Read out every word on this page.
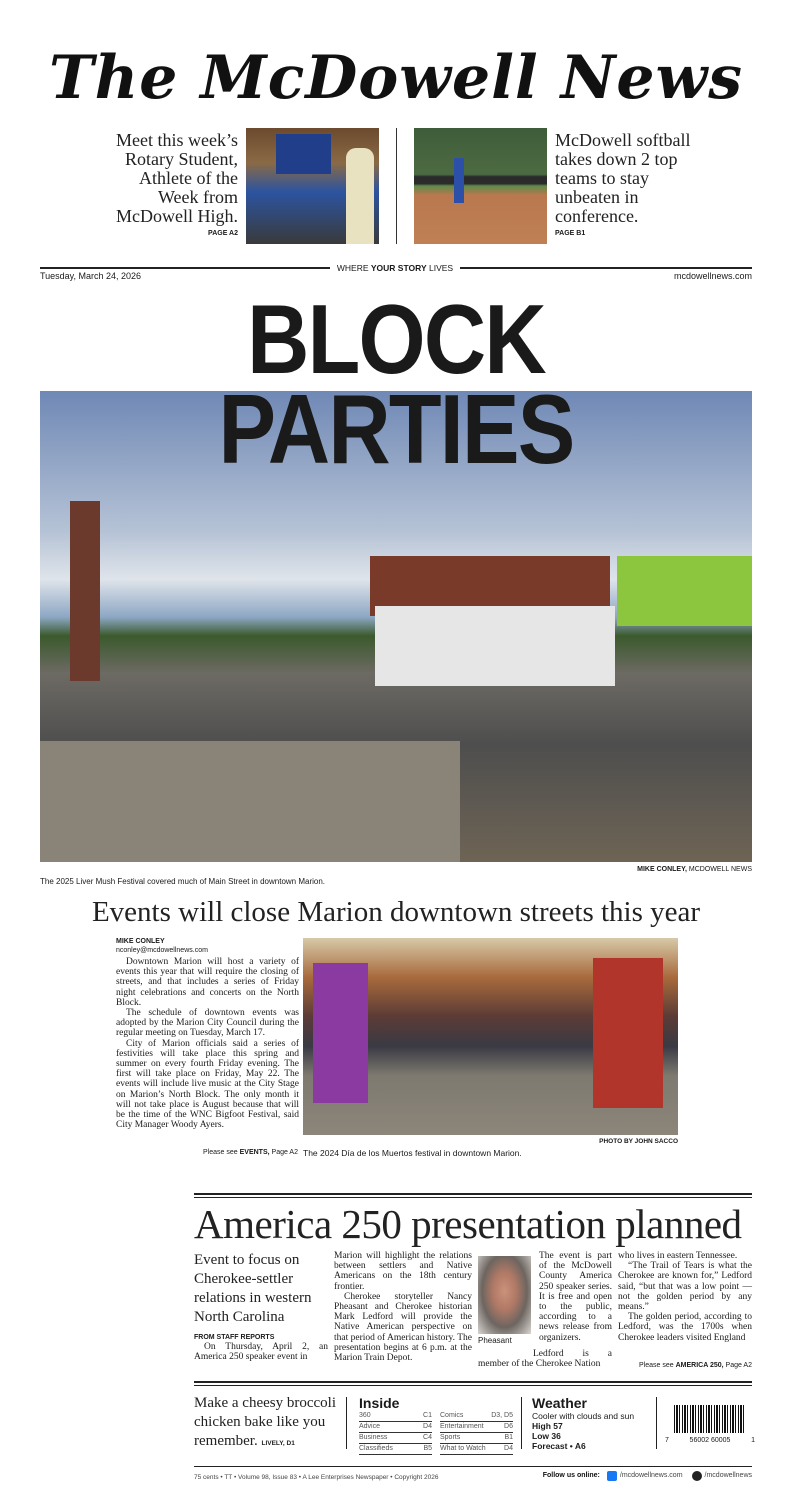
The McDowell News
Meet this week’s Rotary Student, Athlete of the Week from McDowell High.
PAGE A2
McDowell softball takes down 2 top teams to stay unbeaten in conference.
PAGE B1
WHERE YOUR STORY LIVES
Tuesday, March 24, 2026	mcdowellnews.com
BLOCK PARTIES
The 2025 Liver Mush Festival covered much of Main Street in downtown Marion.
MIKE CONLEY, MCDOWELL NEWS
Events will close Marion downtown streets this year
MIKE CONLEY
nconley@mcdowellnews.com

Downtown Marion will host a variety of events this year that will require the closing of streets, and that includes a series of Friday night celebrations and concerts on the North Block.

The schedule of downtown events was adopted by the Marion City Council during the regular meeting on Tuesday, March 17.

City of Marion officials said a series of festivities will take place this spring and summer on every fourth Friday evening. The first will take place on Friday, May 22. The events will include live music at the City Stage on Marion’s North Block. The only month it will not take place is August because that will be the time of the WNC Bigfoot Festival, said City Manager Woody Ayers.

PHOTO BY JOHN SACCO
Please see EVENTS, Page A2 The 2024 Día de los Muertos festival in downtown Marion.
America 250 presentation planned
Event to focus on Cherokee-settler relations in western North Carolina
FROM STAFF REPORTS

On Thursday, April 2, an America 250 speaker event in

Marion will highlight the relations between settlers and Native Americans on the 18th century frontier.

Cherokee storyteller Nancy Pheasant and Cherokee historian Mark Ledford will provide the Native American perspective on that period of American history. The presentation begins at 6 p.m. at the Marion Train Depot.

Pheasant
The event is part of the McDowell County America 250 speaker series. It is free and open to the public, according to a news release from organizers.
Ledford is a member of the Cherokee Nation

who lives in eastern Tennessee.

“The Trail of Tears is what the Cherokee are known for,” Ledford said, “but that was a low point — not the golden period by any means.”

The golden period, according to Ledford, was the 1700s when Cherokee leaders visited England

Please see AMERICA 250, Page A2
Make a cheesy broccoli chicken bake like you remember. LIVELY, D1
Inside
360	C1
Advice	D4
Business	C4
Classifieds	B5
Comics	D3, D5
Entertainment	D6
Sports	B1
What to Watch	D4
Weather
Cooler with clouds and sun
High 57
Low 36
Forecast • A6
7	56002 60005	1
75 cents • TT • Volume 98, Issue 83 • A Lee Enterprises Newspaper • Copyright 2026	Follow us online:	/mcdowellnews.com	/mcdowellnews
